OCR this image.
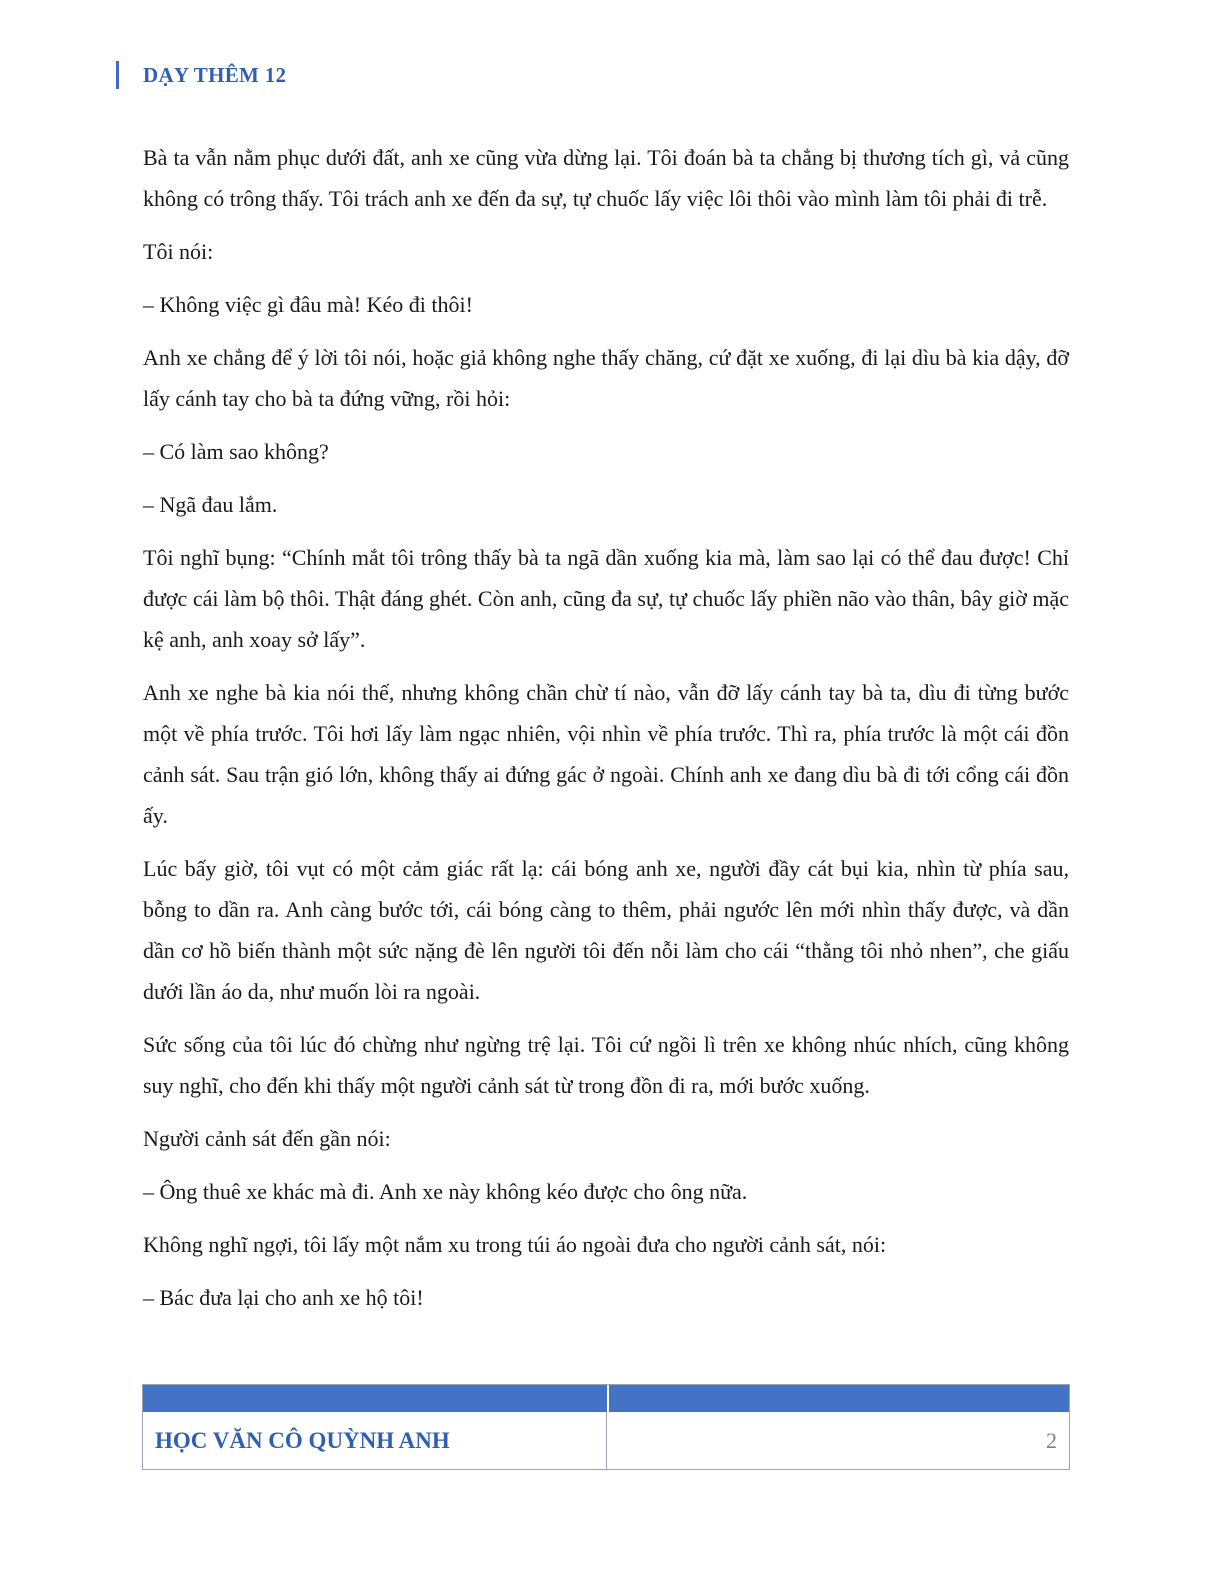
DẠY THÊM 12

Bà ta vẫn nằm phục dưới đất, anh xe cũng vừa dừng lại. Tôi đoán bà ta chẳng bị thương tích gì, vả cũng không có trông thấy. Tôi trách anh xe đến đa sự, tự chuốc lấy việc lôi thôi vào mình làm tôi phải đi trễ.

Tôi nói:

– Không việc gì đâu mà! Kéo đi thôi!

Anh xe chẳng để ý lời tôi nói, hoặc giả không nghe thấy chăng, cứ đặt xe xuống, đi lại dìu bà kia dậy, đỡ lấy cánh tay cho bà ta đứng vững, rồi hỏi:

– Có làm sao không?

– Ngã đau lắm.

Tôi nghĩ bụng: “Chính mắt tôi trông thấy bà ta ngã dần xuống kia mà, làm sao lại có thể đau được! Chỉ được cái làm bộ thôi. Thật đáng ghét. Còn anh, cũng đa sự, tự chuốc lấy phiền não vào thân, bây giờ mặc kệ anh, anh xoay sở lấy”.

Anh xe nghe bà kia nói thế, nhưng không chần chừ tí nào, vẫn đỡ lấy cánh tay bà ta, dìu đi từng bước một về phía trước. Tôi hơi lấy làm ngạc nhiên, vội nhìn về phía trước. Thì ra, phía trước là một cái đồn cảnh sát. Sau trận gió lớn, không thấy ai đứng gác ở ngoài. Chính anh xe đang dìu bà đi tới cổng cái đồn ấy.

Lúc bấy giờ, tôi vụt có một cảm giác rất lạ: cái bóng anh xe, người đầy cát bụi kia, nhìn từ phía sau, bỗng to dần ra. Anh càng bước tới, cái bóng càng to thêm, phải ngước lên mới nhìn thấy được, và dần dần cơ hồ biến thành một sức nặng đè lên người tôi đến nỗi làm cho cái “thằng tôi nhỏ nhen”, che giấu dưới lần áo da, như muốn lòi ra ngoài.

Sức sống của tôi lúc đó chừng như ngừng trệ lại. Tôi cứ ngồi lì trên xe không nhúc nhích, cũng không suy nghĩ, cho đến khi thấy một người cảnh sát từ trong đồn đi ra, mới bước xuống.

Người cảnh sát đến gần nói:

– Ông thuê xe khác mà đi. Anh xe này không kéo được cho ông nữa.

Không nghĩ ngợi, tôi lấy một nắm xu trong túi áo ngoài đưa cho người cảnh sát, nói:

– Bác đưa lại cho anh xe hộ tôi!

HỌC VĂN CÔ QUỲNH ANH	2
